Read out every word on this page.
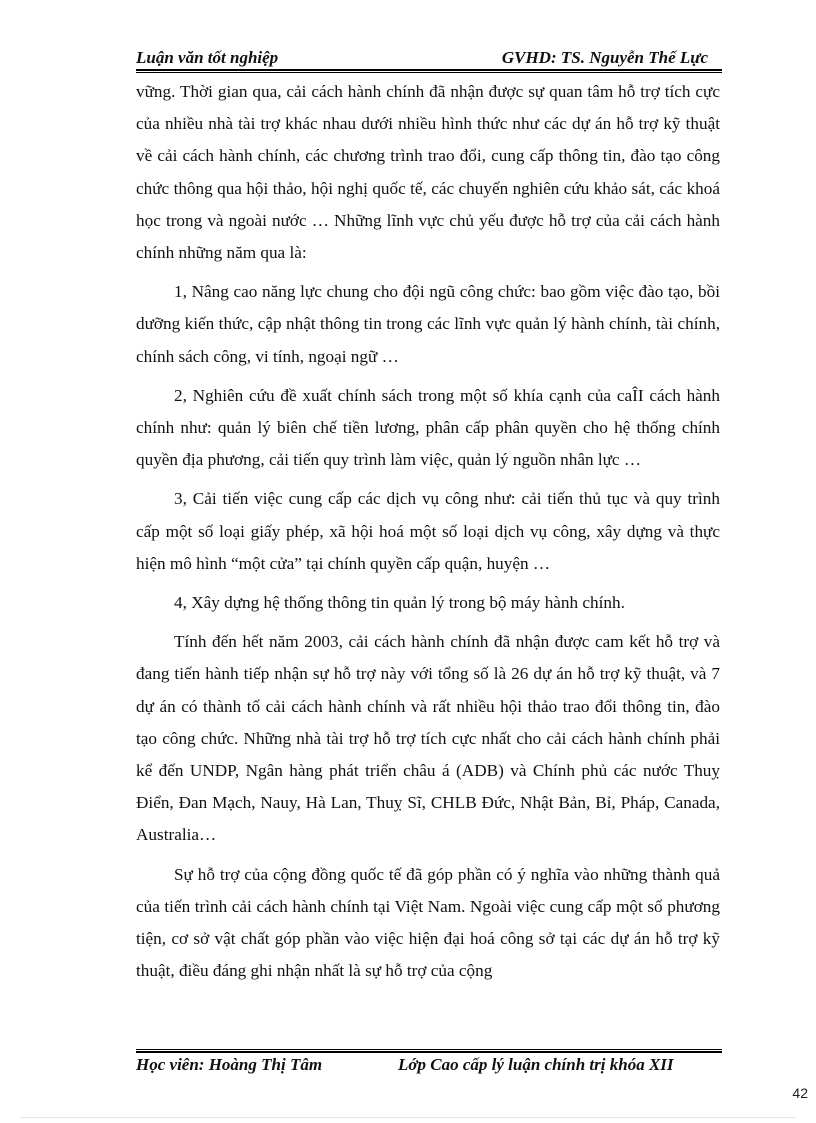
Luận văn tốt nghiệp	GVHD: TS. Nguyễn Thế Lực

vững. Thời gian qua, cải cách hành chính đã nhận được sự quan tâm hỗ trợ tích cực của nhiều nhà tài trợ khác nhau dưới nhiều hình thức như các dự án hỗ trợ kỹ thuật về cải cách hành chính, các chương trình trao đổi, cung cấp thông tin, đào tạo công chức thông qua hội thảo, hội nghị quốc tế, các chuyến nghiên cứu khảo sát, các khoá học trong và ngoài nước … Những lĩnh vực chủ yếu được hỗ trợ của cải cách hành chính những năm qua là:

1, Nâng cao năng lực chung cho đội ngũ công chức: bao gồm việc đào tạo, bồi dưỡng kiến thức, cập nhật thông tin trong các lĩnh vực quản lý hành chính, tài chính, chính sách công, vi tính, ngoại ngữ …

2, Nghiên cứu đề xuất chính sách trong một số khía cạnh của caÎI cách hành chính như: quản lý biên chế tiền lương, phân cấp phân quyền cho hệ thống chính quyền địa phương, cải tiến quy trình làm việc, quản lý nguồn nhân lực …

3, Cải tiến việc cung cấp các dịch vụ công như: cải tiến thủ tục và quy trình cấp một số loại giấy phép, xã hội hoá một số loại dịch vụ công, xây dựng và thực hiện mô hình “một cửa” tại chính quyền cấp quận, huyện …

4, Xây dựng hệ thống thông tin quản lý trong bộ máy hành chính.

Tính đến hết năm 2003, cải cách hành chính đã nhận được cam kết hỗ trợ và đang tiến hành tiếp nhận sự hỗ trợ này với tổng số là 26 dự án hỗ trợ kỹ thuật, và 7 dự án có thành tố cải cách hành chính và rất nhiều hội thảo trao đổi thông tin, đào tạo công chức. Những nhà tài trợ hỗ trợ tích cực nhất cho cải cách hành chính phải kể đến UNDP, Ngân hàng phát triển châu á (ADB) và Chính phủ các nước Thuỵ Điển, Đan Mạch, Nauy, Hà Lan, Thuỵ Sĩ, CHLB Đức, Nhật Bản, Bỉ, Pháp, Canada, Australia…

Sự hỗ trợ của cộng đồng quốc tế đã góp phần có ý nghĩa vào những thành quả của tiến trình cải cách hành chính tại Việt Nam. Ngoài việc cung cấp một số phương tiện, cơ sở vật chất góp phần vào việc hiện đại hoá công sở tại các dự án hỗ trợ kỹ thuật, điều đáng ghi nhận nhất là sự hỗ trợ của cộng

Học viên: Hoàng Thị Tâm	Lớp Cao cấp lý luận chính trị khóa XII
42
